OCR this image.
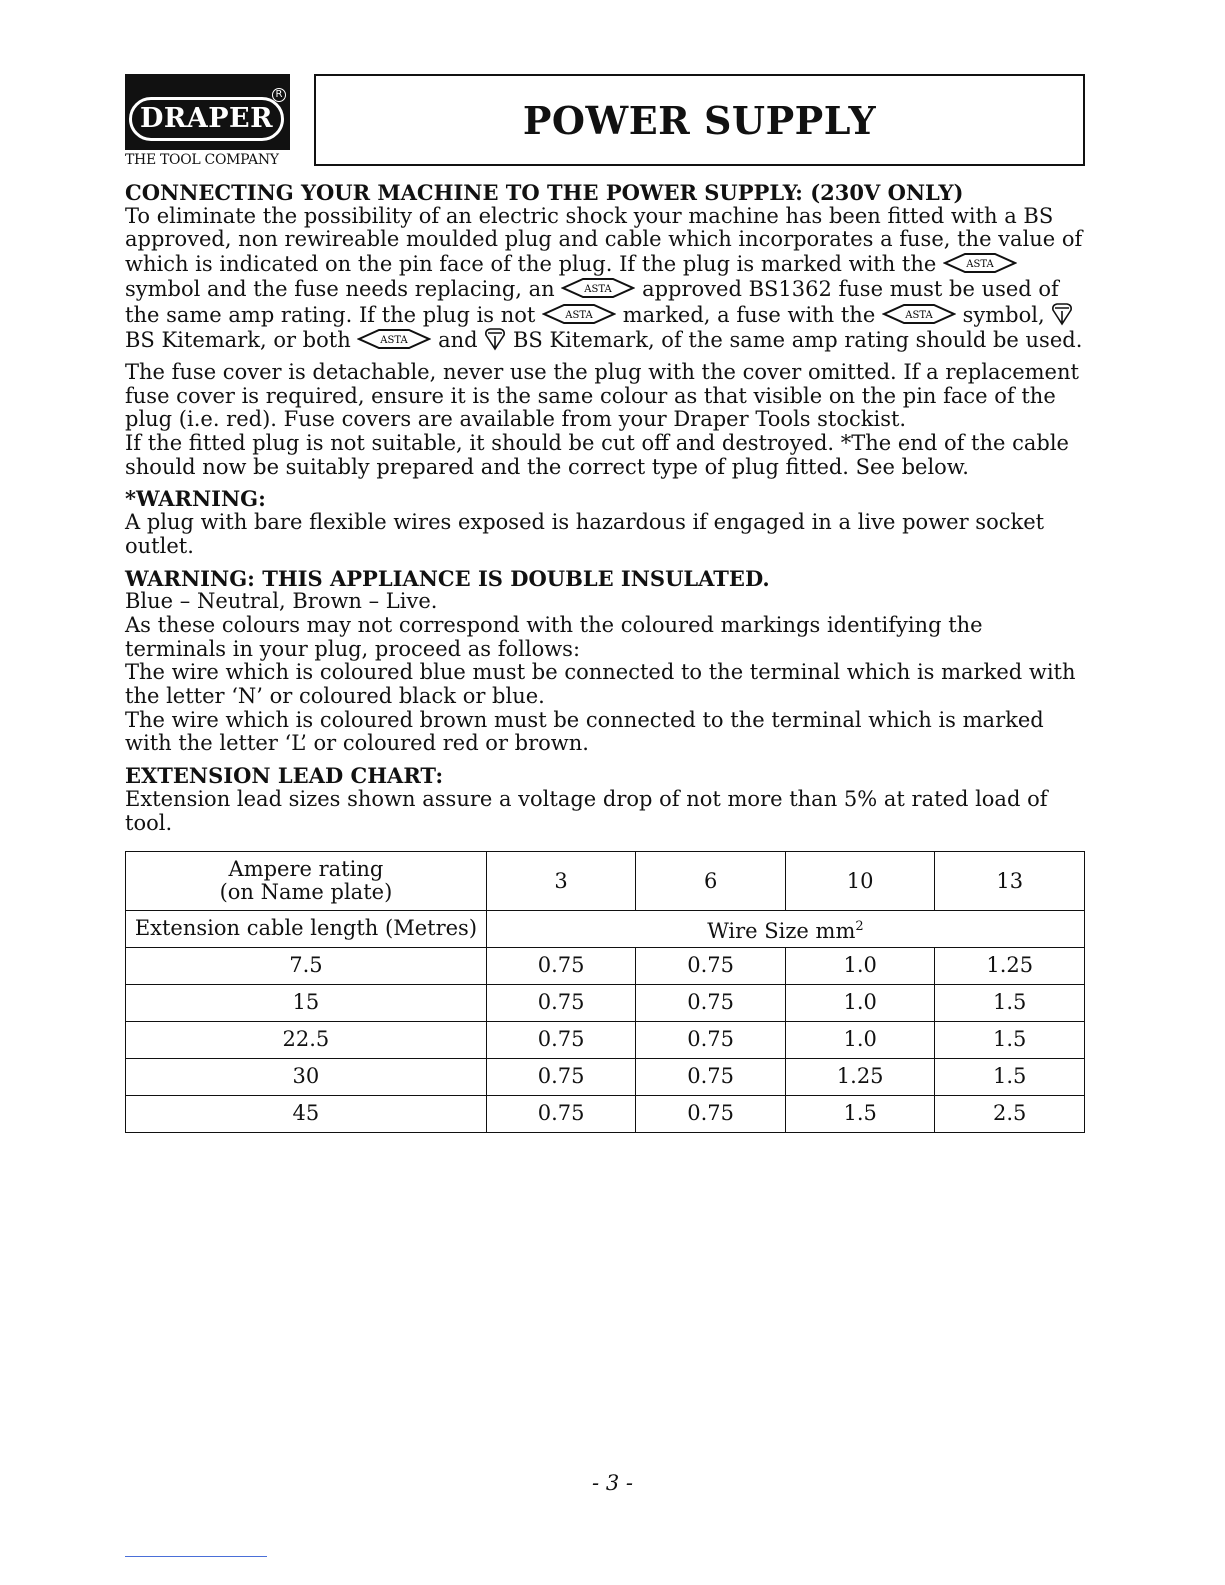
R
DRAPER
THE TOOL COMPANY
POWER SUPPLY

CONNECTING YOUR MACHINE TO THE POWER SUPPLY: (230V ONLY)

To eliminate the possibility of an electric shock your machine has been fitted with a BS approved, non rewireable moulded plug and cable which incorporates a fuse, the value of which is indicated on the pin face of the plug. If the plug is marked with the	ASTA
symbol and the fuse needs replacing, an	ASTA approved BS1362 fuse must be used of the same amp rating. If the plug is not	ASTA marked, a fuse with the	ASTA symbol,  BS Kitemark, or both	ASTA and BS Kitemark, of the same amp rating should be used.

The fuse cover is detachable, never use the plug with the cover omitted. If a replacement fuse cover is required, ensure it is the same colour as that visible on the pin face of the plug (i.e. red). Fuse covers are available from your Draper Tools stockist.

If the fitted plug is not suitable, it should be cut off and destroyed. *The end of the cable should now be suitably prepared and the correct type of plug fitted. See below.

*WARNING:

A plug with bare flexible wires exposed is hazardous if engaged in a live power socket outlet.

WARNING: THIS APPLIANCE IS DOUBLE INSULATED.

Blue – Neutral, Brown – Live.

As these colours may not correspond with the coloured markings identifying the terminals in your plug, proceed as follows:

The wire which is coloured blue must be connected to the terminal which is marked with the letter ‘N’ or coloured black or blue.

The wire which is coloured brown must be connected to the terminal which is marked with the letter ‘L’ or coloured red or brown.

EXTENSION LEAD CHART:

Extension lead sizes shown assure a voltage drop of not more than 5% at rated load of tool.

Ampere rating
(on Name plate)	3	6	10	13
Extension cable length (Metres)	Wire Size $mm^2$
7.5	0.75	0.75	1.0	1.25
15	0.75	0.75	1.0	1.5
22.5	0.75	0.75	1.0	1.5
30	0.75	0.75	1.25	1.5
45	0.75	0.75	1.5	2.5
- 3 -
